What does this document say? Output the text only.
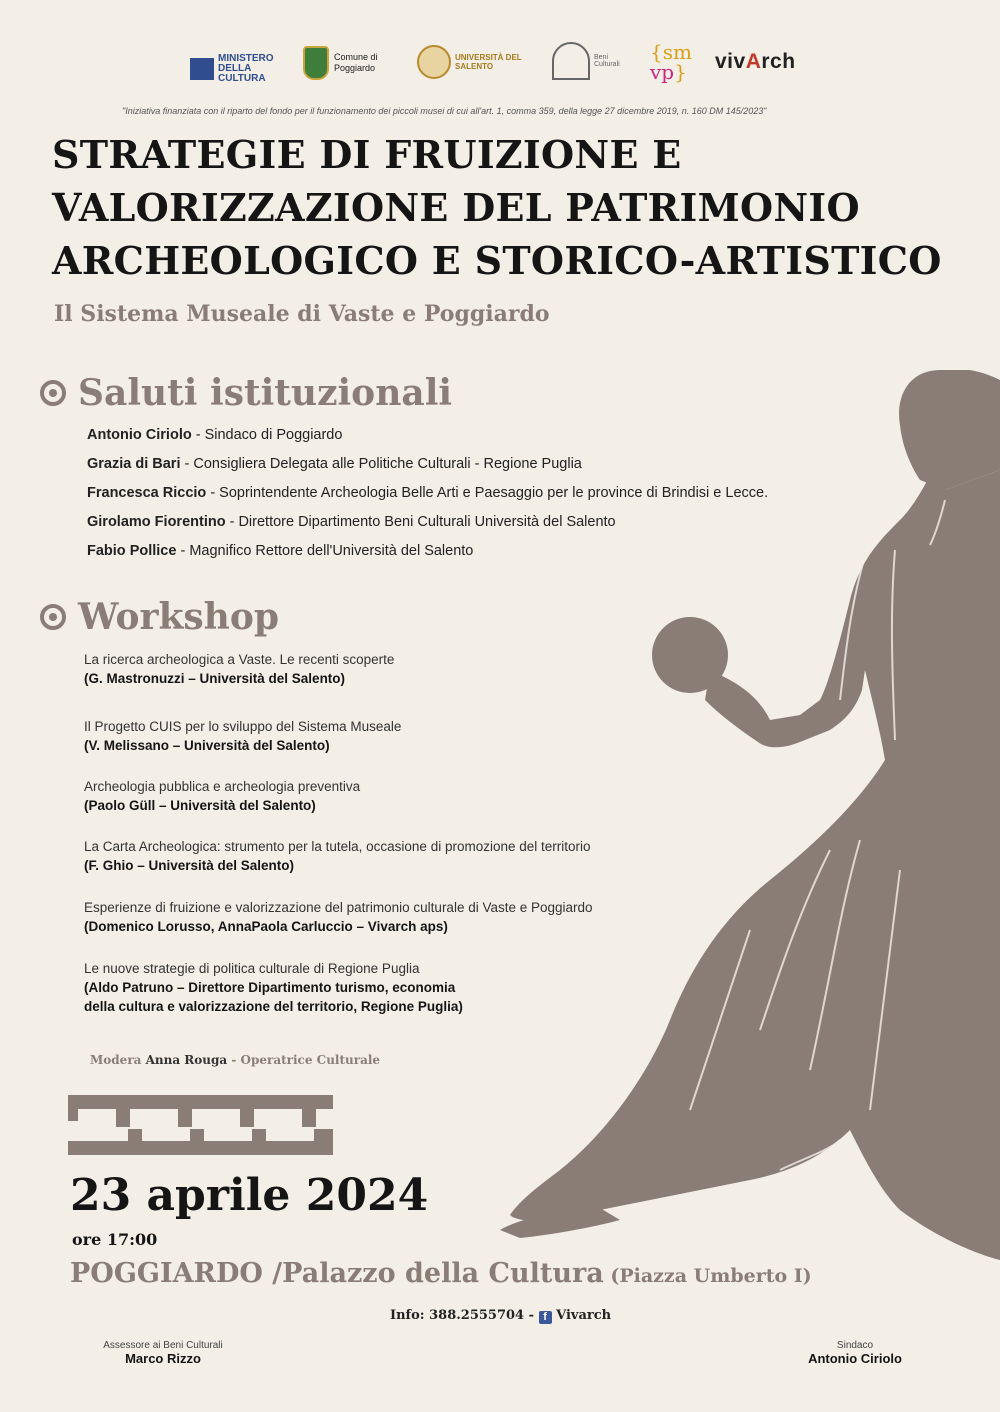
MINISTERO DELLA CULTURA
Comune di Poggiardo
UNIVERSITÀ DEL SALENTO
Beni Culturali
{sm
vp} vivArch
"Iniziativa finanziata con il riparto del fondo per il funzionamento dei piccoli musei di cui all'art. 1, comma 359, della legge 27 dicembre 2019, n. 160 DM 145/2023"
STRATEGIE DI FRUIZIONE E
VALORIZZAZIONE DEL PATRIMONIO
ARCHEOLOGICO E STORICO-ARTISTICO
Il Sistema Museale di Vaste e Poggiardo
Saluti istituzionali
Antonio Ciriolo - Sindaco di Poggiardo
Grazia di Bari - Consigliera Delegata alle Politiche Culturali - Regione Puglia
Francesca Riccio - Soprintendente Archeologia Belle Arti e Paesaggio per le province di Brindisi e Lecce.
Girolamo Fiorentino - Direttore Dipartimento Beni Culturali Università del Salento
Fabio Pollice - Magnifico Rettore dell'Università del Salento
Workshop
La ricerca archeologica a Vaste. Le recenti scoperte
(G. Mastronuzzi – Università del Salento)
Il Progetto CUIS per lo sviluppo del Sistema Museale
(V. Melissano – Università del Salento)
Archeologia pubblica e archeologia preventiva
(Paolo Güll – Università del Salento)
La Carta Archeologica: strumento per la tutela, occasione di promozione del territorio
(F. Ghio – Università del Salento)
Esperienze di fruizione e valorizzazione del patrimonio culturale di Vaste e Poggiardo
(Domenico Lorusso, AnnaPaola Carluccio – Vivarch aps)
Le nuove strategie di politica culturale di Regione Puglia
(Aldo Patruno – Direttore Dipartimento turismo, economia
della cultura e valorizzazione del territorio, Regione Puglia)
Modera Anna Rouga - Operatrice Culturale
23 aprile 2024
ore 17:00
POGGIARDO /Palazzo della Cultura (Piazza Umberto I)
Info: 388.2555704 - f Vivarch
Assessore ai Beni Culturali
Marco Rizzo
Sindaco
Antonio Ciriolo
